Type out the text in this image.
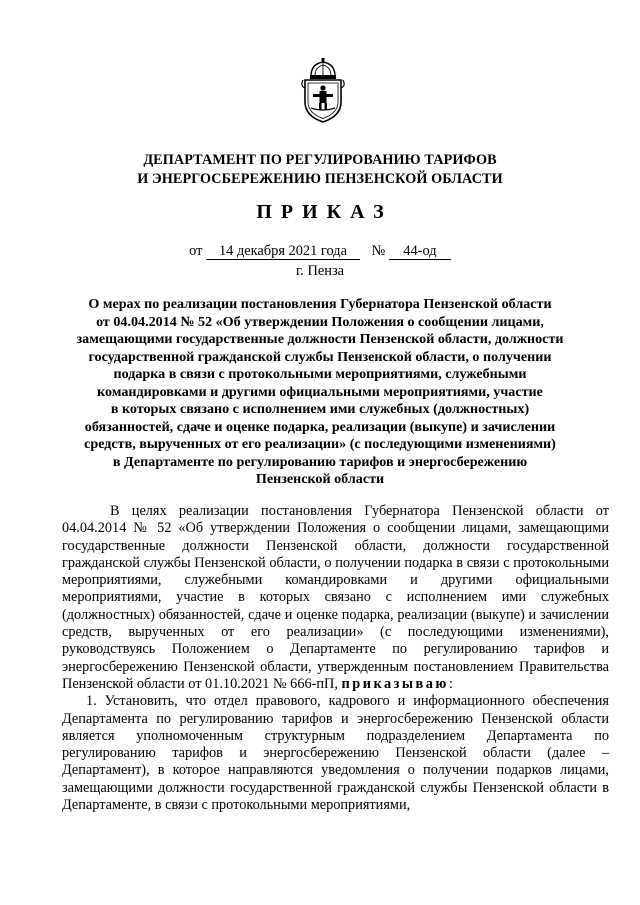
ДЕПАРТАМЕНТ ПО РЕГУЛИРОВАНИЮ ТАРИФОВ
И ЭНЕРГОСБЕРЕЖЕНИЮ ПЕНЗЕНСКОЙ ОБЛАСТИ
ПРИКАЗ
от 14 декабря 2021 года № 44-од
г. Пенза
О мерах по реализации постановления Губернатора Пензенской области
от 04.04.2014 № 52 «Об утверждении Положения о сообщении лицами,
замещающими государственные должности Пензенской области, должности
государственной гражданской службы Пензенской области, о получении
подарка в связи с протокольными мероприятиями, служебными
командировками и другими официальными мероприятиями, участие
в которых связано с исполнением ими служебных (должностных)
обязанностей, сдаче и оценке подарка, реализации (выкупе) и зачислении
средств, вырученных от его реализации» (с последующими изменениями)
в Департаменте по регулированию тарифов и энергосбережению
Пензенской области

В целях реализации постановления Губернатора Пензенской области от 04.04.2014 № 52 «Об утверждении Положения о сообщении лицами, замещающими государственные должности Пензенской области, должности государственной гражданской службы Пензенской области, о получении подарка в связи с протокольными мероприятиями, служебными командировками и другими официальными мероприятиями, участие в которых связано с исполнением ими служебных (должностных) обязанностей, сдаче и оценке подарка, реализации (выкупе) и зачислении средств, вырученных от его реализации» (с последующими изменениями), руководствуясь Положением о Департаменте по регулированию тарифов и энергосбережению Пензенской области, утвержденным постановлением Правительства Пензенской области от 01.10.2021 № 666-пП, приказываю:

1. Установить, что отдел правового, кадрового и информационного обеспечения Департамента по регулированию тарифов и энергосбережению Пензенской области является уполномоченным структурным подразделением Департамента по регулированию тарифов и энергосбережению Пензенской области (далее – Департамент), в которое направляются уведомления о получении подарков лицами, замещающими должности государственной гражданской службы Пензенской области в Департаменте, в связи с протокольными мероприятиями,
